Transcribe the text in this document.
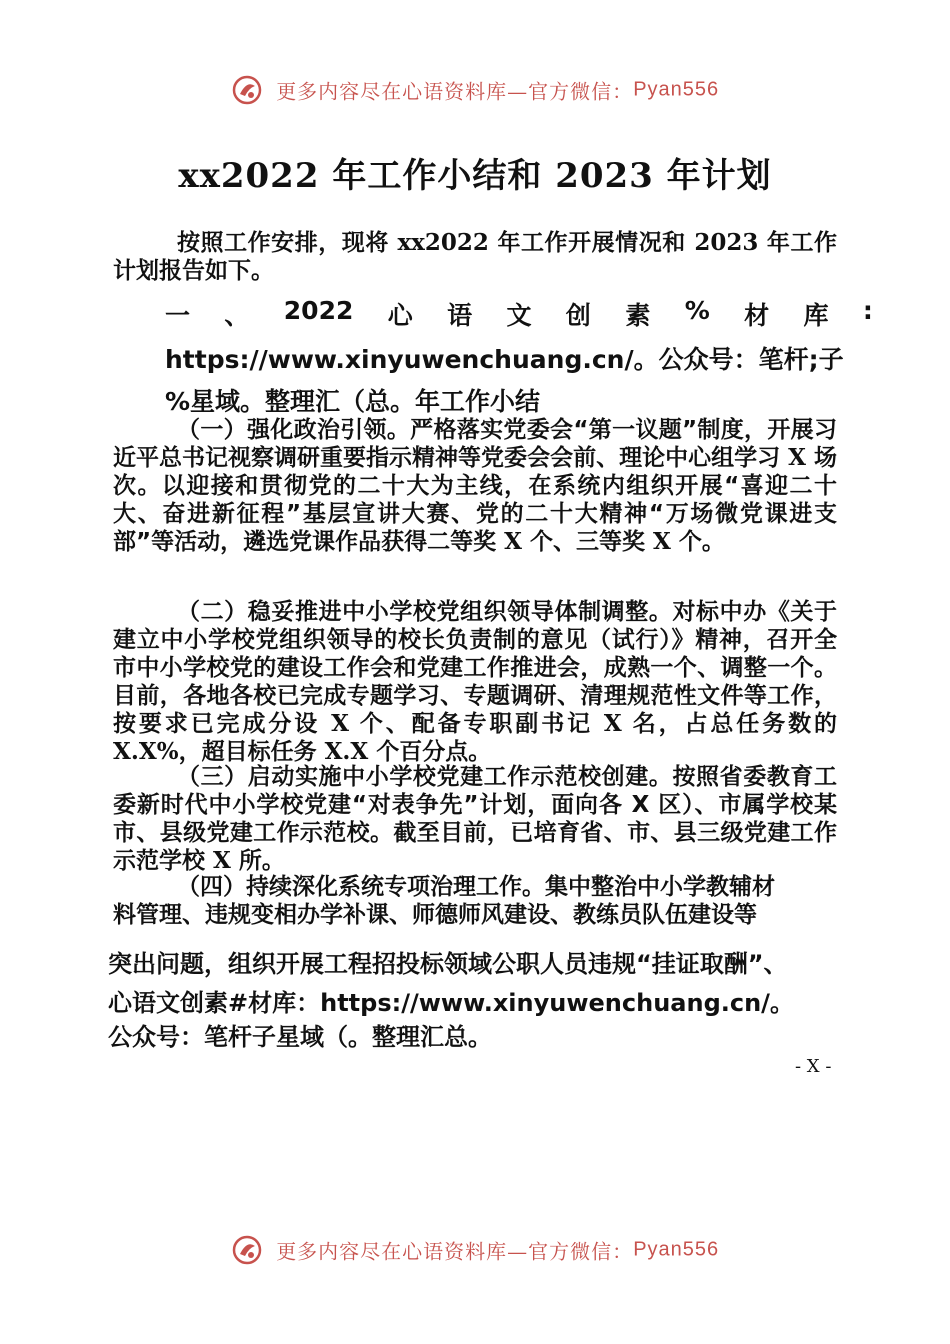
更多内容尽在心语资料库—官方微信：Pyan556
xx2022 年工作小结和 2023 年计划

按照工作安排，现将 xx2022 年工作开展情况和 2023 年工作计划报告如下。

一 、 2022 心 语 文 创 素 % 材 库 :
https://www.xinyuwenchuang.cn/。公众号：笔杆;子
%星域。整理汇（总。年工作小结

（一）强化政治引领。严格落实党委会“第一议题”制度，开展习近平总书记视察调研重要指示精神等党委会会前、理论中心组学习 X 场次。以迎接和贯彻党的二十大为主线，在系统内组织开展“喜迎二十大、奋进新征程”基层宣讲大赛、党的二十大精神“万场微党课进支部”等活动，遴选党课作品获得二等奖 X 个、三等奖 X 个。

（二）稳妥推进中小学校党组织领导体制调整。对标中办《关于建立中小学校党组织领导的校长负责制的意见（试行）》精神，召开全市中小学校党的建设工作会和党建工作推进会，成熟一个、调整一个。目前，各地各校已完成专题学习、专题调研、清理规范性文件等工作，按要求已完成分设 X 个、配备专职副书记 X 名，占总任务数的 X.X%，超目标任务 X.X 个百分点。

（三）启动实施中小学校党建工作示范校创建。按照省委教育工委新时代中小学校党建“对表争先”计划，面向各 X 区）、市属学校某市、县级党建工作示范校。截至目前，已培育省、市、县三级党建工作示范学校 X 所。

（四）持续深化系统专项治理工作。集中整治中小学教辅材

料管理、违规变相办学补课、师德师风建设、教练员队伍建设等

突出问题，组织开展工程招投标领域公职人员违规“挂证取酬”、
心语文创素#材库：https://www.xinyuwenchuang.cn/。
公众号：笔杆子星域（。整理汇总。
- X -
更多内容尽在心语资料库—官方微信：Pyan556
